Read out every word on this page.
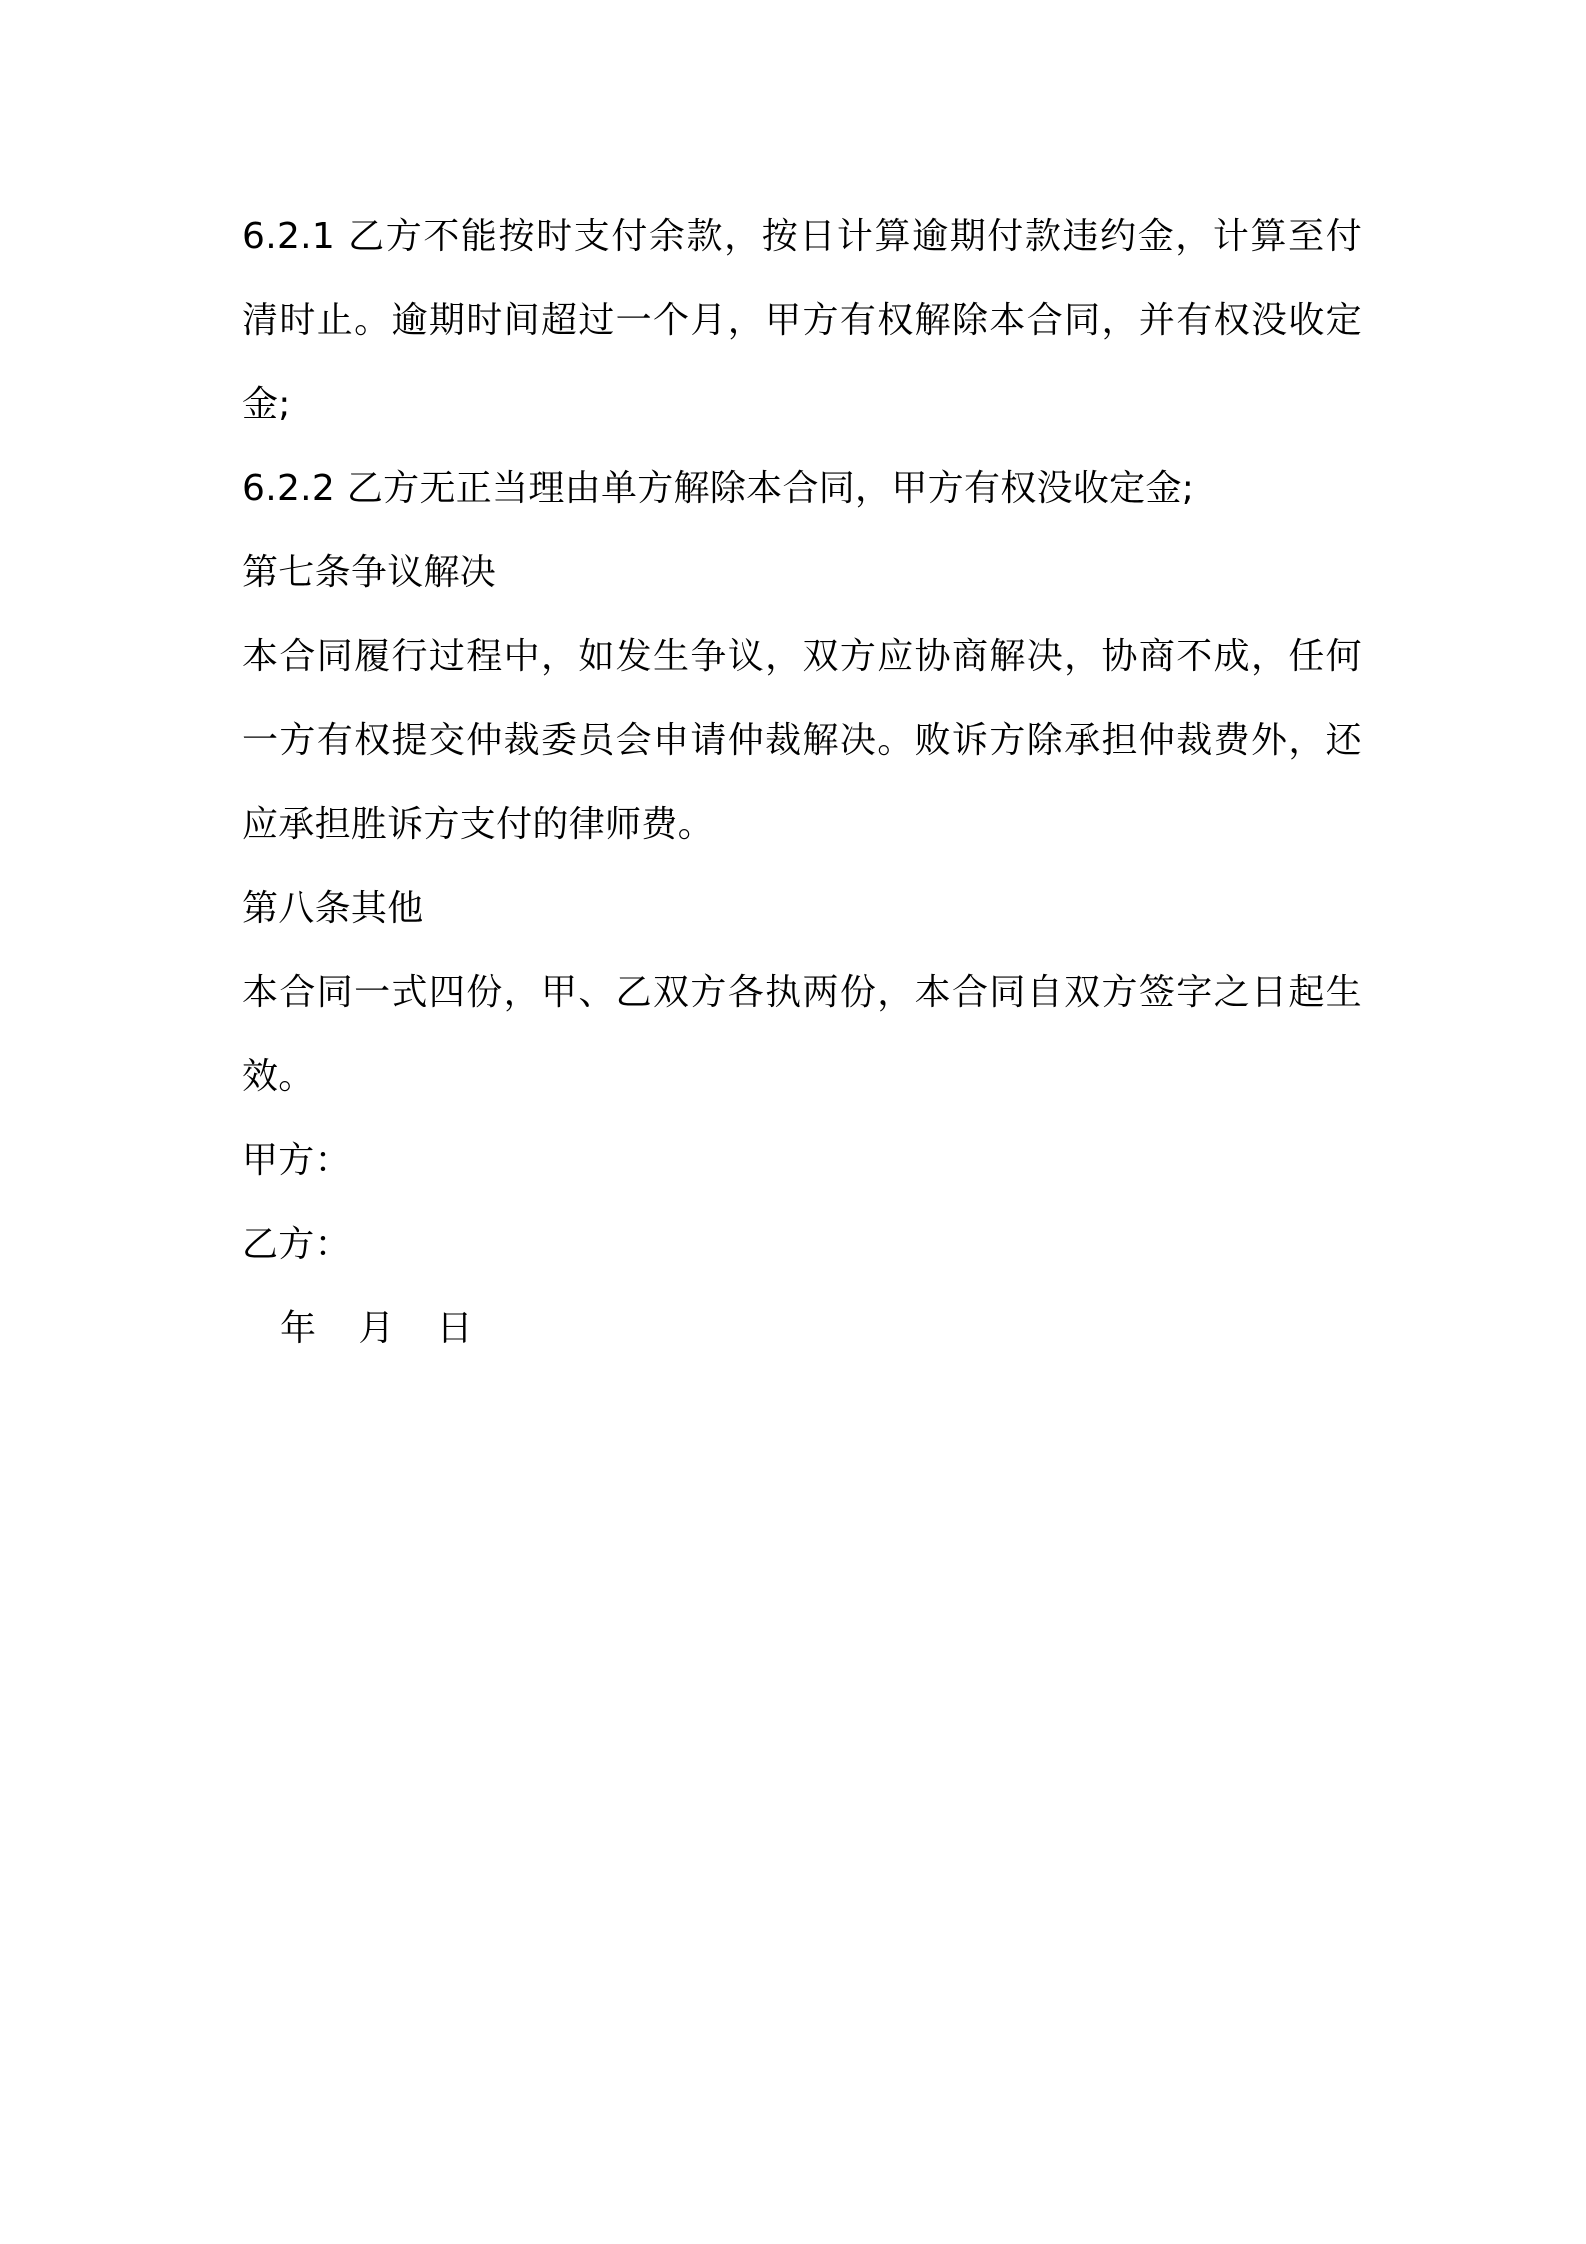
6.2.1 乙方不能按时支付余款，按日计算逾期付款违约金，计算至付清时止。逾期时间超过一个月，甲方有权解除本合同，并有权没收定金;

6.2.2 乙方无正当理由单方解除本合同，甲方有权没收定金;

第七条争议解决

本合同履行过程中，如发生争议，双方应协商解决，协商不成，任何一方有权提交仲裁委员会申请仲裁解决。败诉方除承担仲裁费外，还应承担胜诉方支付的律师费。

第八条其他

本合同一式四份，甲、乙双方各执两份，本合同自双方签字之日起生效。

甲方：

乙方：

年 月 日
